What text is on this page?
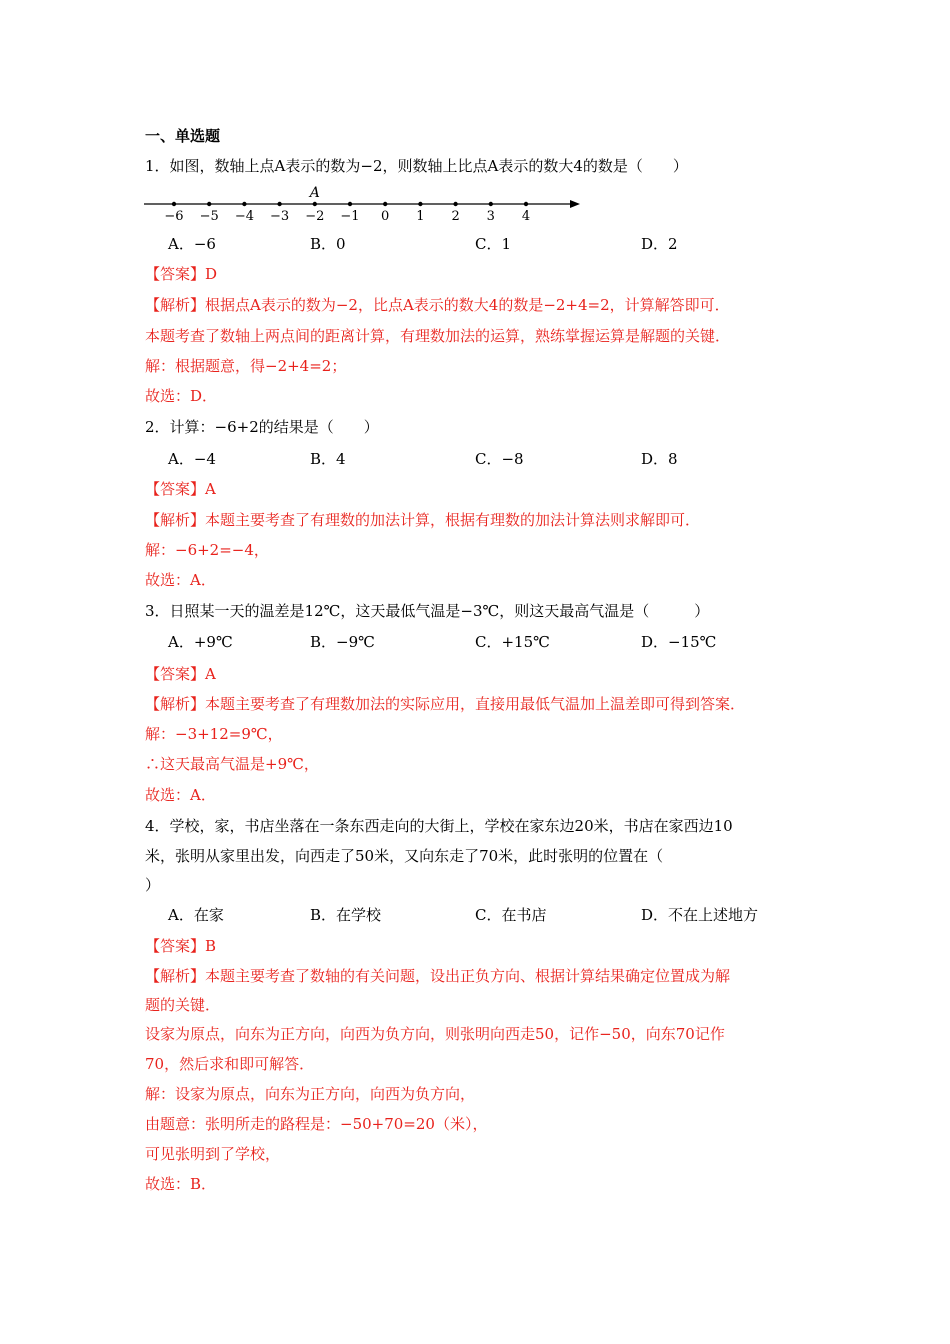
一、单选题
1．如图，数轴上点A表示的数为−2，则数轴上比点A表示的数大4的数是（　　）
−6 −5 −4 −3 −2 −1 0 1 2 3 4
A
A．−6	B．0	C．1	D．2
【答案】D
【解析】根据点A表示的数为−2，比点A表示的数大4的数是−2+4=2，计算解答即可．
本题考查了数轴上两点间的距离计算，有理数加法的运算，熟练掌握运算是解题的关键．
解：根据题意，得−2+4=2；
故选：D．
2．计算：−6+2的结果是（　　）
A．−4	B．4	C．−8	D．8
【答案】A
【解析】本题主要考查了有理数的加法计算，根据有理数的加法计算法则求解即可．
解：−6+2=−4，
故选：A．
3．日照某一天的温差是12℃，这天最低气温是−3℃，则这天最高气温是（　　　）
A．+9℃	B．−9℃	C．+15℃	D．−15℃
【答案】A
【解析】本题主要考查了有理数加法的实际应用，直接用最低气温加上温差即可得到答案．
解：−3+12=9℃，
∴这天最高气温是+9℃，
故选：A．
4．学校，家，书店坐落在一条东西走向的大街上，学校在家东边20米，书店在家西边10
米，张明从家里出发，向西走了50米，又向东走了70米，此时张明的位置在（
）
A．在家	B．在学校	C．在书店	D．不在上述地方
【答案】B
【解析】本题主要考查了数轴的有关问题，设出正负方向、根据计算结果确定位置成为解
题的关键．
设家为原点，向东为正方向，向西为负方向，则张明向西走50，记作−50，向东70记作
70，然后求和即可解答．
解：设家为原点，向东为正方向，向西为负方向，
由题意：张明所走的路程是：−50+70=20（米），
可见张明到了学校，
故选：B．
